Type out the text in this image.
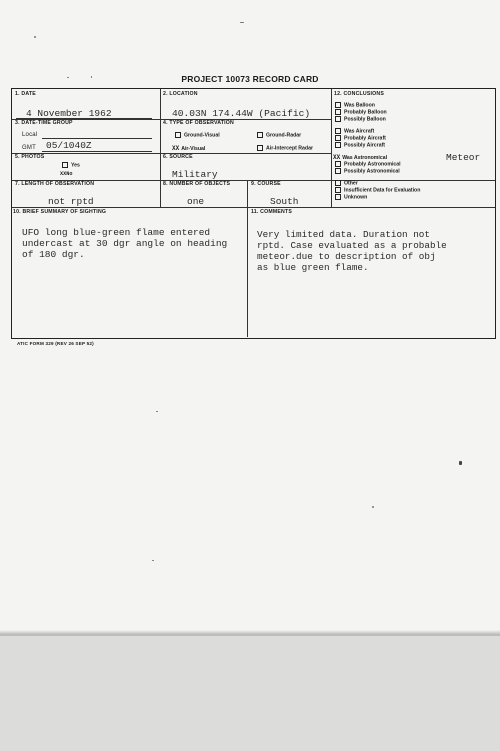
PROJECT 10073 RECORD CARD
1. DATE
4 November 1962
2. LOCATION
40.03N 174.44W (Pacific)
3. DATE-TIME GROUP
Local
GMT 05/1040Z
4. TYPE OF OBSERVATION
Ground-Visual	Ground-Radar
XX Air-Visual	Air-Intercept Radar
5. PHOTOS
Yes
XXNo
6. SOURCE
Military
7. LENGTH OF OBSERVATION
not rptd
8. NUMBER OF OBJECTS
one
9. COURSE
South
10. BRIEF SUMMARY OF SIGHTING
UFO long blue-green flame entered
undercast at 30 dgr angle on heading
of 180 dgr.
11. COMMENTS
Very limited data. Duration not
rptd. Case evaluated as a probable
meteor.due to description of obj
as blue green flame.
12. CONCLUSIONS
Was Balloon
Probably Balloon
Possibly Balloon
Was Aircraft
Probably Aircraft
Possibly Aircraft
XX Was Astronomical	Meteor
Probably Astronomical
Possibly Astronomical
Other
Insufficient Data for Evaluation
Unknown
ATIC FORM 329 (REV 26 SEP 52)
